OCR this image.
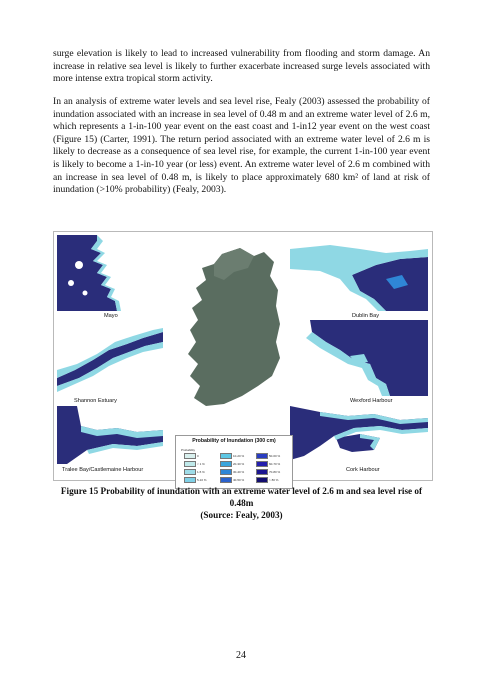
surge elevation is likely to lead to increased vulnerability from flooding and storm damage. An increase in relative sea level is likely to further exacerbate increased surge levels associated with more intense extra tropical storm activity.

In an analysis of extreme water levels and sea level rise, Fealy (2003) assessed the probability of inundation associated with an increase in sea level of 0.48 m and an extreme water level of 2.6 m, which represents a 1-in-100 year event on the east coast and 1-in12 year event on the west coast (Figure 15) (Carter, 1991). The return period associated with an extreme water level of 2.6 m is likely to decrease as a consequence of sea level rise, for example, the current 1-in-100 year event is likely to become a 1-in-10 year (or less) event. An extreme water level of 2.6 m combined with an increase in sea level of 0.48 m, is likely to place approximately 680 km² of land at risk of inundation (>10% probability) (Fealy, 2003).

Mayo
Shannon Estuary
Tralee Bay/Castlemaine Harbour
Dublin Bay
Wexford Harbour
Cork Harbour
Probability of Inundation (300 cm)
Probability
0
< 1 %
1-5 %
5-10 %
10-20 %
20-30 %
30-40 %
40-50 %
50-60 %
60-70 %
70-80 %
> 80 %
Figure 15 Probability of inundation with an extreme water level of 2.6 m and sea level rise of 0.48m
(Source: Fealy, 2003)
24
